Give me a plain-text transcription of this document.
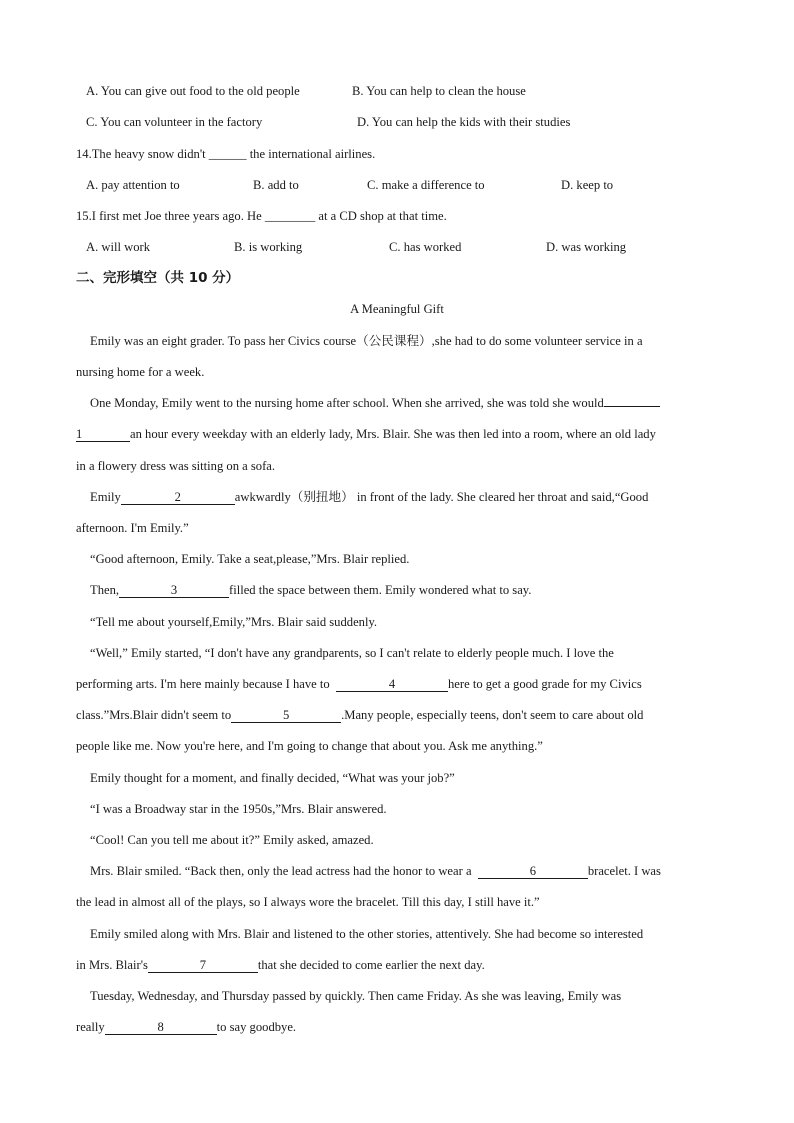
A. You can give out food to the old people	B. You can help to clean the house
C. You can volunteer in the factory	D. You can help the kids with their studies
14.The heavy snow didn't ______ the international airlines.
A. pay attention to	B. add to	C. make a difference to	D. keep to
15.I first met Joe three years ago. He ________ at a CD shop at that time.
A. will work	B. is working	C. has worked	D. was working
二、完形填空（共 10 分）
A Meaningful Gift
Emily was an eight grader. To pass her Civics course（公民课程）,she had to do some volunteer service in a
nursing home for a week.
One Monday, Emily went to the nursing home after school. When she arrived, she was told she would
1	an hour every weekday with an elderly lady, Mrs. Blair. She was then led into a room, where an old lady
in a flowery dress was sitting on a sofa.
Emily	2	awkwardly（别扭地） in front of the lady. She cleared her throat and said,“Good
afternoon. I'm Emily.”
“Good afternoon, Emily. Take a seat,please,”Mrs. Blair replied.
Then,	3	filled the space between them. Emily wondered what to say.
“Tell me about yourself,Emily,”Mrs. Blair said suddenly.
“Well,” Emily started, “I don't have any grandparents, so I can't relate to elderly people much. I love the
performing arts. I'm here mainly because I have to	4	here to get a good grade for my Civics
class.”Mrs.Blair didn't seem to	5	.Many people, especially teens, don't seem to care about old
people like me. Now you're here, and I'm going to change that about you. Ask me anything.”
Emily thought for a moment, and finally decided, “What was your job?”
“I was a Broadway star in the 1950s,”Mrs. Blair answered.
“Cool! Can you tell me about it?” Emily asked, amazed.
Mrs. Blair smiled. “Back then, only the lead actress had the honor to wear a	6	bracelet. I was
the lead in almost all of the plays, so I always wore the bracelet. Till this day, I still have it.”
Emily smiled along with Mrs. Blair and listened to the other stories, attentively. She had become so interested
in Mrs. Blair's	7	that she decided to come earlier the next day.
Tuesday, Wednesday, and Thursday passed by quickly. Then came Friday. As she was leaving, Emily was
really	8	to say goodbye.
